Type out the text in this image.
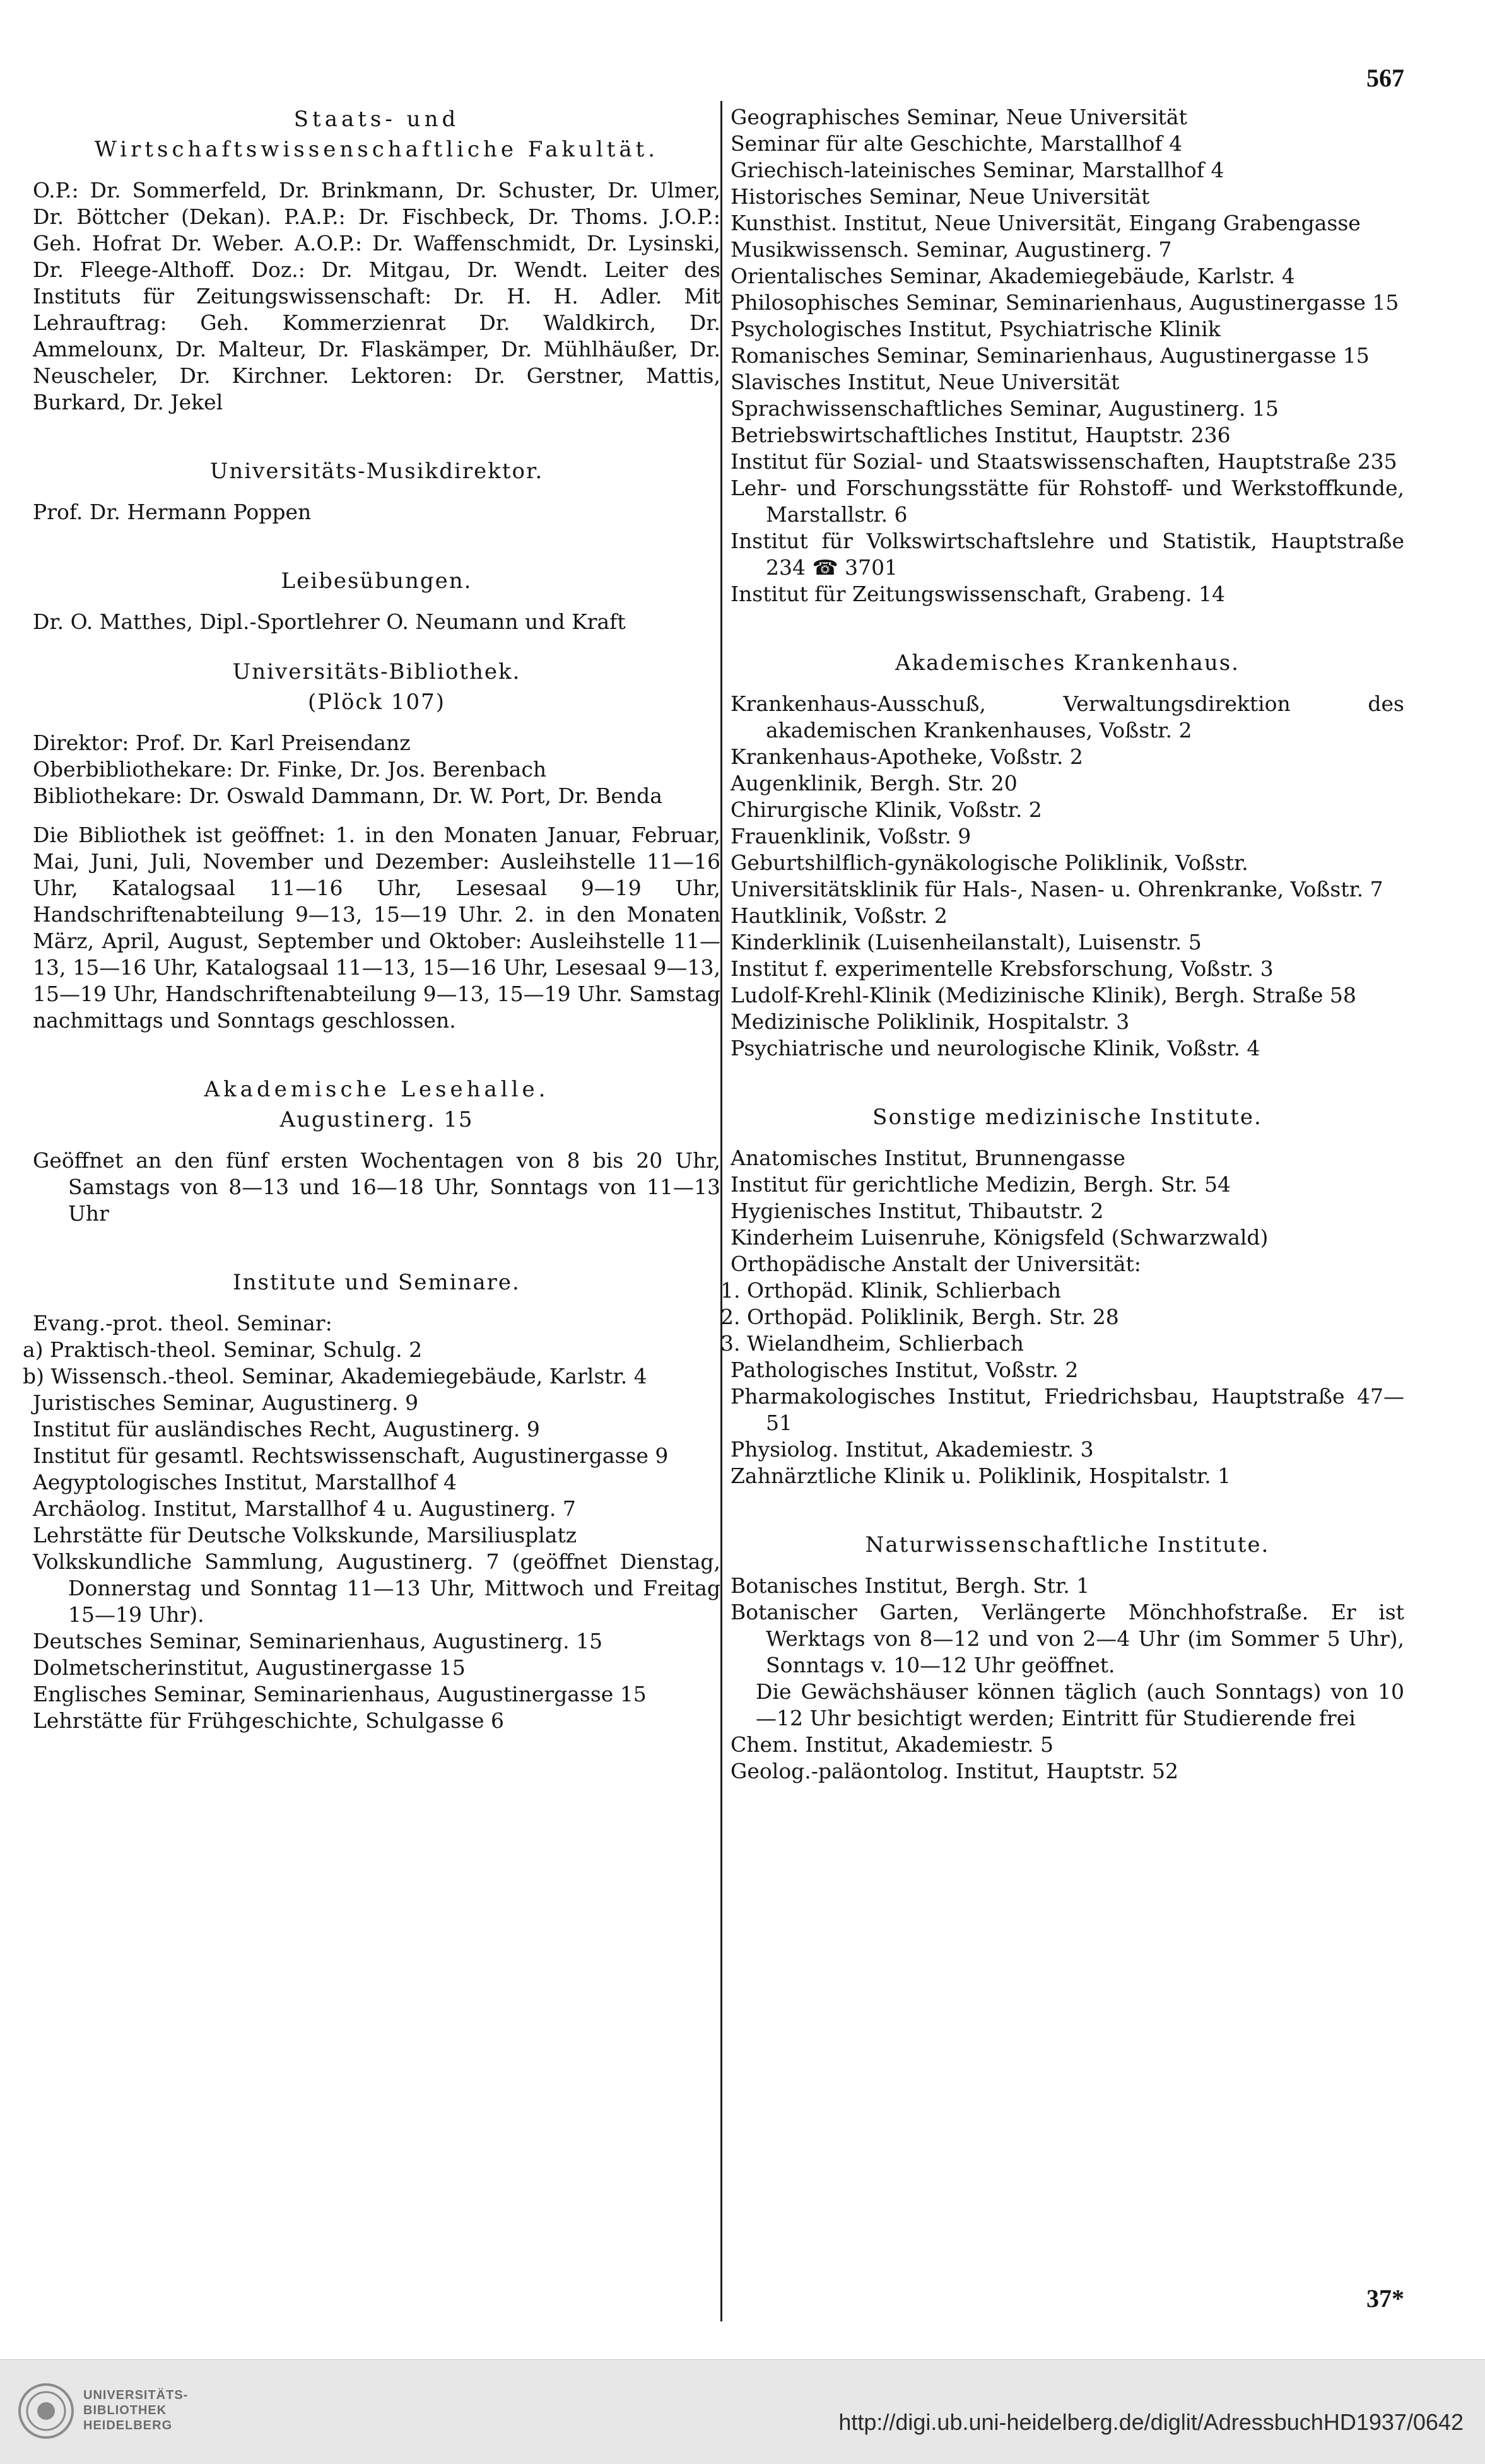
567
Staats- und
Wirtschaftswissenschaftliche Fakultät.
O.P.: Dr. Sommerfeld, Dr. Brinkmann, Dr. Schuster, Dr. Ulmer, Dr. Böttcher (Dekan). P.A.P.: Dr. Fischbeck, Dr. Thoms. J.O.P.: Geh. Hofrat Dr. Weber. A.O.P.: Dr. Waffenschmidt, Dr. Lysinski, Dr. Fleege-Althoff. Doz.: Dr. Mitgau, Dr. Wendt. Leiter des Instituts für Zeitungswissenschaft: Dr. H. H. Adler. Mit Lehrauftrag: Geh. Kommerzienrat Dr. Waldkirch, Dr. Ammelounx, Dr. Malteur, Dr. Flaskämper, Dr. Mühlhäußer, Dr. Neuscheler, Dr. Kirchner. Lektoren: Dr. Gerstner, Mattis, Burkard, Dr. Jekel
Universitäts-Musikdirektor.
Prof. Dr. Hermann Poppen
Leibesübungen.
Dr. O. Matthes, Dipl.-Sportlehrer O. Neumann und Kraft
Universitäts-Bibliothek.
(Plöck 107)
Direktor: Prof. Dr. Karl Preisendanz
Oberbibliothekare: Dr. Finke, Dr. Jos. Berenbach
Bibliothekare: Dr. Oswald Dammann, Dr. W. Port, Dr. Benda
Die Bibliothek ist geöffnet: 1. in den Monaten Januar, Februar, Mai, Juni, Juli, November und Dezember: Ausleihstelle 11—16 Uhr, Katalogsaal 11—16 Uhr, Lesesaal 9—19 Uhr, Handschriftenabteilung 9—13, 15—19 Uhr. 2. in den Monaten März, April, August, September und Oktober: Ausleihstelle 11—13, 15—16 Uhr, Katalogsaal 11—13, 15—16 Uhr, Lesesaal 9—13, 15—19 Uhr, Handschriftenabteilung 9—13, 15—19 Uhr. Samstag nachmittags und Sonntags geschlossen.
Akademische Lesehalle.
Augustinerg. 15
Geöffnet an den fünf ersten Wochentagen von 8 bis 20 Uhr, Samstags von 8—13 und 16—18 Uhr, Sonntags von 11—13 Uhr
Institute und Seminare.
Evang.-prot. theol. Seminar:
a) Praktisch-theol. Seminar, Schulg. 2
b) Wissensch.-theol. Seminar, Akademiegebäude, Karlstr. 4
Juristisches Seminar, Augustinerg. 9
Institut für ausländisches Recht, Augustinerg. 9
Institut für gesamtl. Rechtswissenschaft, Augustinergasse 9
Aegyptologisches Institut, Marstallhof 4
Archäolog. Institut, Marstallhof 4 u. Augustinerg. 7
Lehrstätte für Deutsche Volkskunde, Marsiliusplatz
Volkskundliche Sammlung, Augustinerg. 7 (geöffnet Dienstag, Donnerstag und Sonntag 11—13 Uhr, Mittwoch und Freitag 15—19 Uhr).
Deutsches Seminar, Seminarienhaus, Augustinerg. 15
Dolmetscherinstitut, Augustinergasse 15
Englisches Seminar, Seminarienhaus, Augustinergasse 15
Lehrstätte für Frühgeschichte, Schulgasse 6
Geographisches Seminar, Neue Universität
Seminar für alte Geschichte, Marstallhof 4
Griechisch-lateinisches Seminar, Marstallhof 4
Historisches Seminar, Neue Universität
Kunsthist. Institut, Neue Universität, Eingang Grabengasse
Musikwissensch. Seminar, Augustinerg. 7
Orientalisches Seminar, Akademiegebäude, Karlstr. 4
Philosophisches Seminar, Seminarienhaus, Augustinergasse 15
Psychologisches Institut, Psychiatrische Klinik
Romanisches Seminar, Seminarienhaus, Augustinergasse 15
Slavisches Institut, Neue Universität
Sprachwissenschaftliches Seminar, Augustinerg. 15
Betriebswirtschaftliches Institut, Hauptstr. 236
Institut für Sozial- und Staatswissenschaften, Hauptstraße 235
Lehr- und Forschungsstätte für Rohstoff- und Werkstoffkunde, Marstallstr. 6
Institut für Volkswirtschaftslehre und Statistik, Hauptstraße 234 ☎ 3701
Institut für Zeitungswissenschaft, Grabeng. 14
Akademisches Krankenhaus.
Krankenhaus-Ausschuß, Verwaltungsdirektion des akademischen Krankenhauses, Voßstr. 2
Krankenhaus-Apotheke, Voßstr. 2
Augenklinik, Bergh. Str. 20
Chirurgische Klinik, Voßstr. 2
Frauenklinik, Voßstr. 9
Geburtshilflich-gynäkologische Poliklinik, Voßstr.
Universitätsklinik für Hals-, Nasen- u. Ohrenkranke, Voßstr. 7
Hautklinik, Voßstr. 2
Kinderklinik (Luisenheilanstalt), Luisenstr. 5
Institut f. experimentelle Krebsforschung, Voßstr. 3
Ludolf-Krehl-Klinik (Medizinische Klinik), Bergh. Straße 58
Medizinische Poliklinik, Hospitalstr. 3
Psychiatrische und neurologische Klinik, Voßstr. 4
Sonstige medizinische Institute.
Anatomisches Institut, Brunnengasse
Institut für gerichtliche Medizin, Bergh. Str. 54
Hygienisches Institut, Thibautstr. 2
Kinderheim Luisenruhe, Königsfeld (Schwarzwald)
Orthopädische Anstalt der Universität:
1. Orthopäd. Klinik, Schlierbach
2. Orthopäd. Poliklinik, Bergh. Str. 28
3. Wielandheim, Schlierbach
Pathologisches Institut, Voßstr. 2
Pharmakologisches Institut, Friedrichsbau, Hauptstraße 47—51
Physiolog. Institut, Akademiestr. 3
Zahnärztliche Klinik u. Poliklinik, Hospitalstr. 1
Naturwissenschaftliche Institute.
Botanisches Institut, Bergh. Str. 1
Botanischer Garten, Verlängerte Mönchhofstraße. Er ist Werktags von 8—12 und von 2—4 Uhr (im Sommer 5 Uhr), Sonntags v. 10—12 Uhr geöffnet.
Die Gewächshäuser können täglich (auch Sonntags) von 10—12 Uhr besichtigt werden; Eintritt für Studierende frei
Chem. Institut, Akademiestr. 5
Geolog.-paläontolog. Institut, Hauptstr. 52
37*
UNIVERSITÄTS-
BIBLIOTHEK
HEIDELBERG	http://digi.ub.uni-heidelberg.de/diglit/AdressbuchHD1937/0642
